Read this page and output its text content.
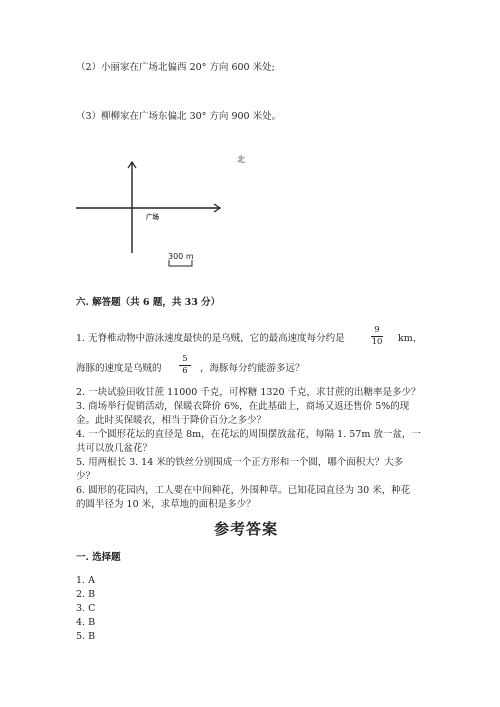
（2）小丽家在广场北偏西 20° 方向 600 米处;
（3）柳柳家在广场东偏北 30° 方向 900 米处。
北
广场
300 m
六. 解答题（共 6 题，共 33 分）
1. 无脊椎动物中游泳速度最快的是乌贼，它的最高速度每分约是
9
10 km，
海豚的速度是乌贼的
5
6	，海豚每分约能游多远？
2. 一块试验田收甘蔗 11000 千克，可榨糖 1320 千克，求甘蔗的出糖率是多少？
3. 商场举行促销活动，保暖衣降价 6%，在此基础上，商场又返还售价 5%的现
金。此时买保暖衣，相当于降价百分之多少？
4. 一个圆形花坛的直径是 8m，在花坛的周围摆放盆花，每隔 1. 57m 放一盆，一
共可以放几盆花？
5. 用两根长 3. 14 米的铁丝分别围成一个正方形和一个圆，哪个面积大？大多
少？
6. 圆形的花园内，工人要在中间种花，外围种草。已知花园直径为 30 米，种花
的圆半径为 10 米，求草地的面积是多少？
参考答案
一. 选择题
1. A
2. B
3. C
4. B
5. B
